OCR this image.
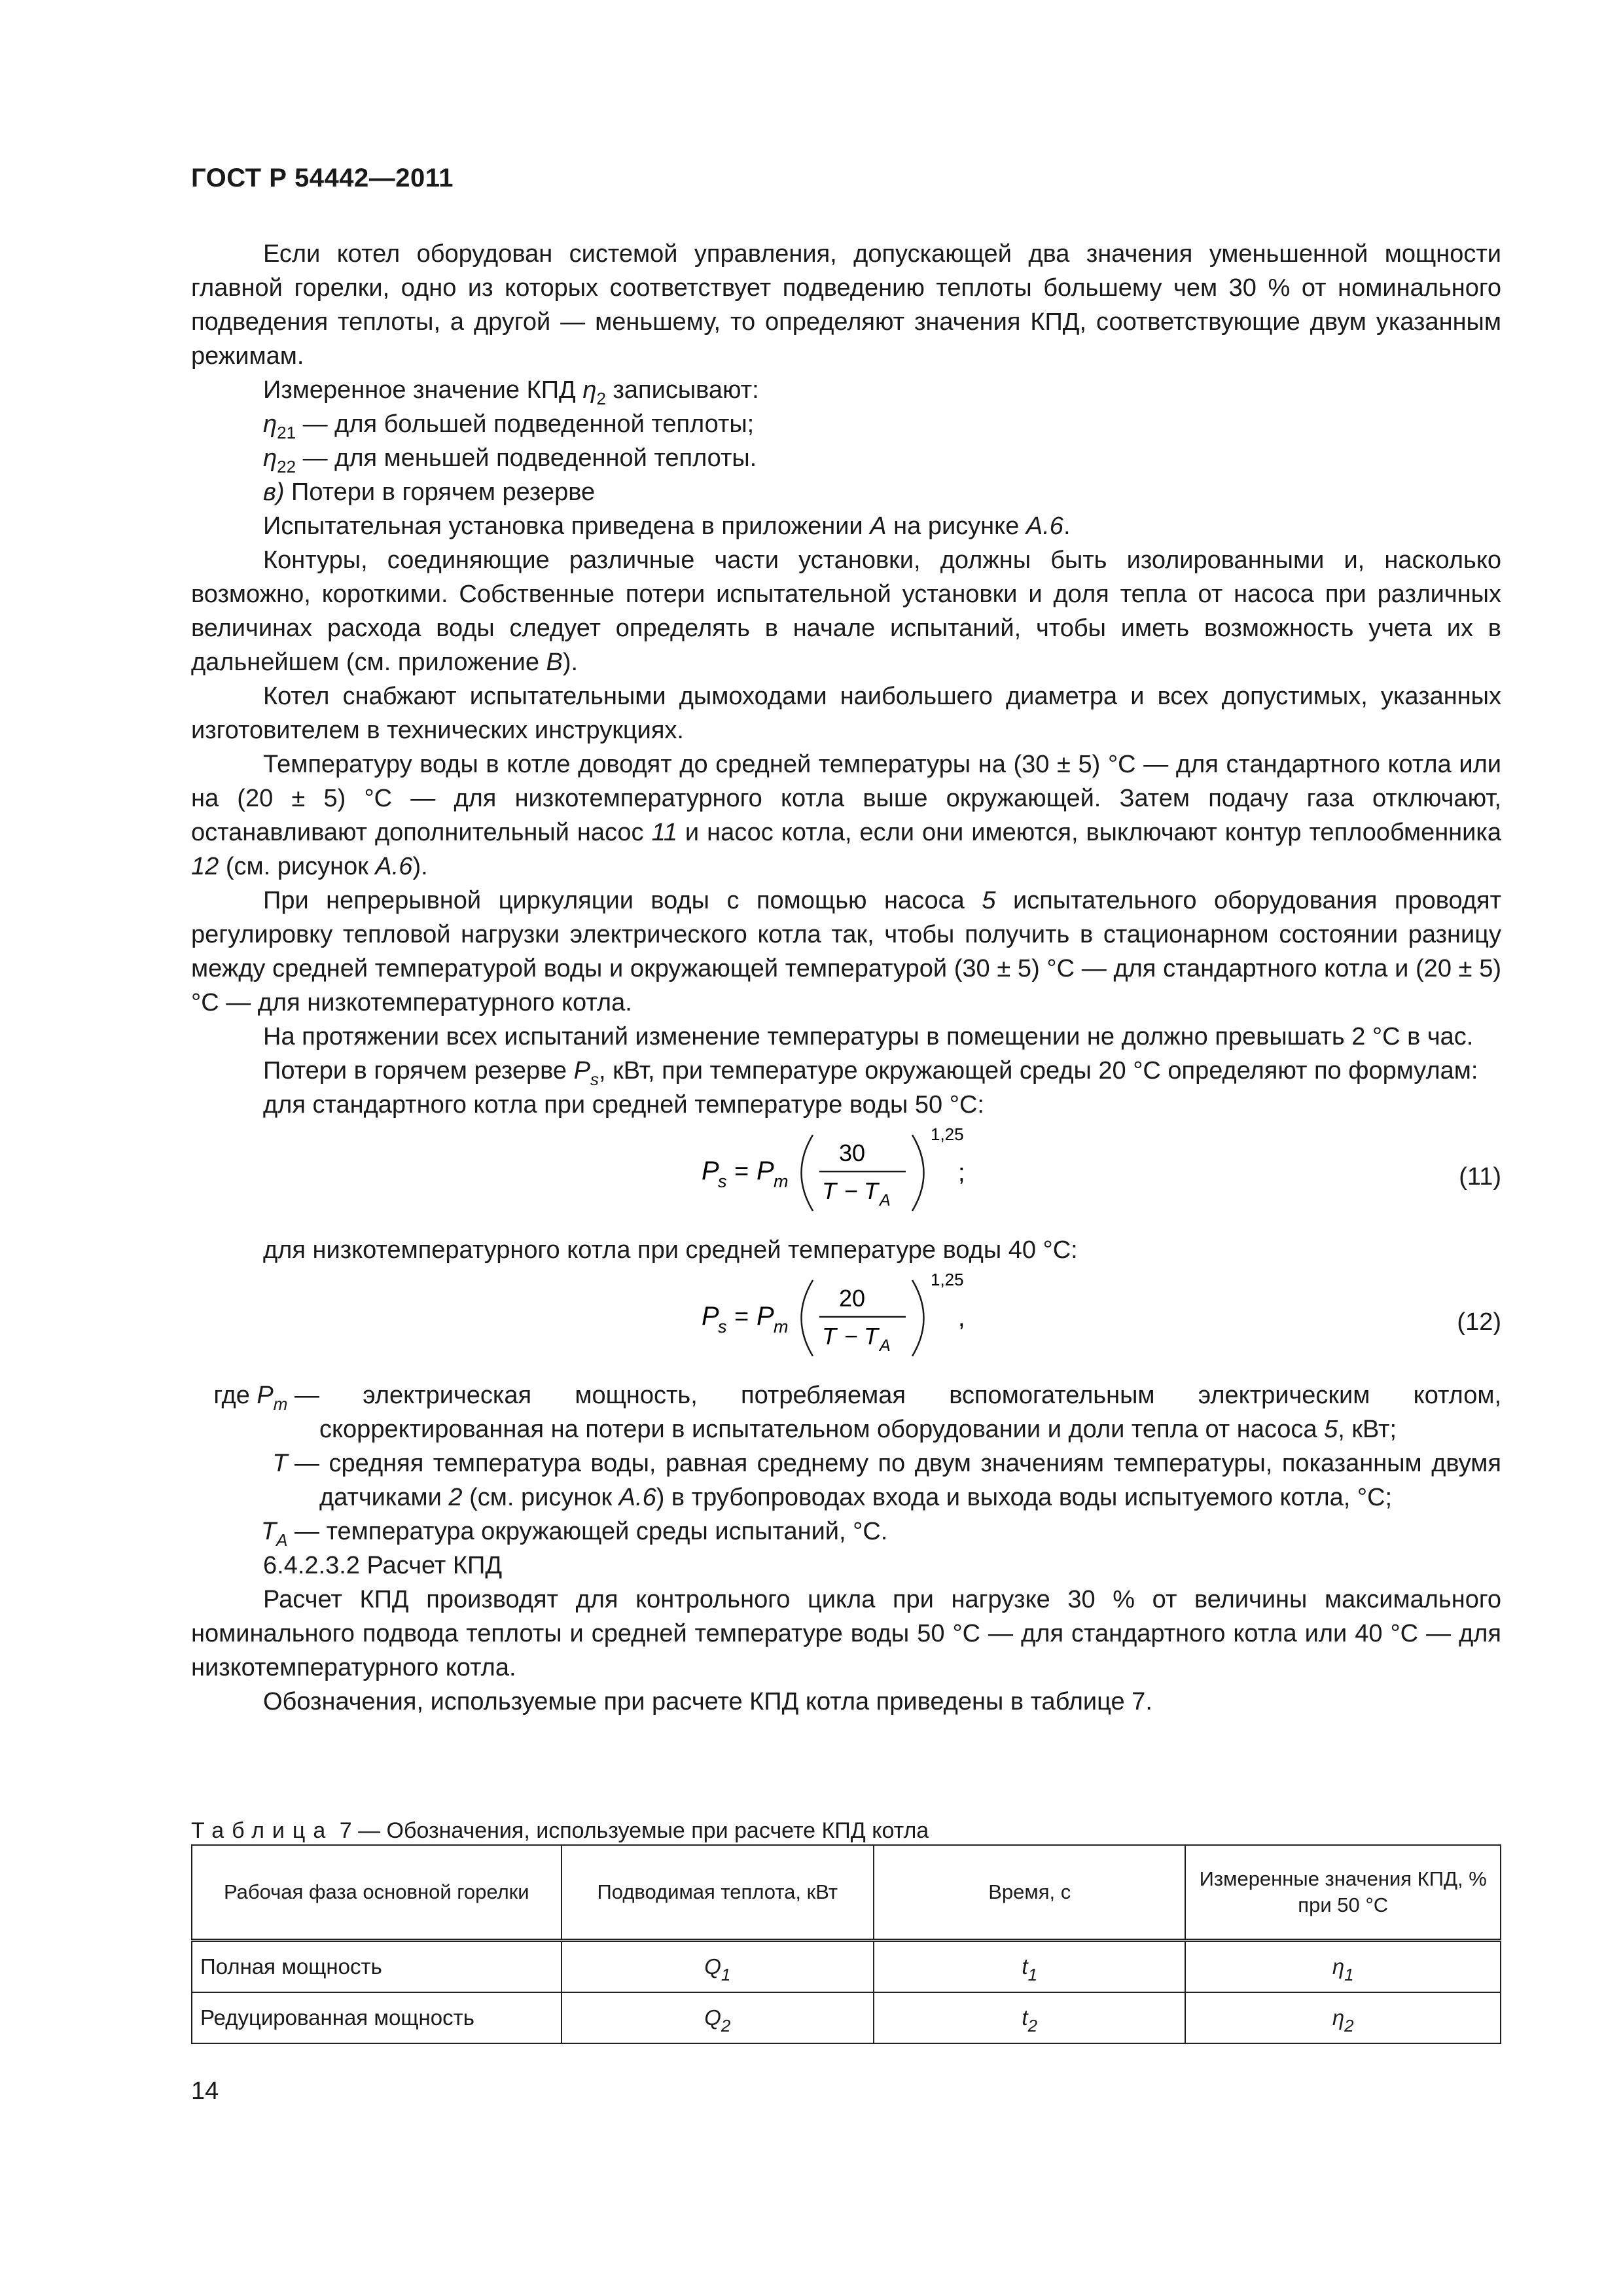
ГОСТ Р 54442—2011

Если котел оборудован системой управления, допускающей два значения уменьшенной мощности главной горелки, одно из которых соответствует подведению теплоты большему чем 30 % от номинального подведения теплоты, а другой — меньшему, то определяют значения КПД, соответствующие двум указанным режимам.

Измеренное значение КПД $\eta_2$ записывают:

$\eta_{21}$ — для большей подведенной теплоты;

$\eta_{22}$ — для меньшей подведенной теплоты.

в) Потери в горячем резерве

Испытательная установка приведена в приложении А на рисунке А.6.

Контуры, соединяющие различные части установки, должны быть изолированными и, насколько возможно, короткими. Собственные потери испытательной установки и доля тепла от насоса при различных величинах расхода воды следует определять в начале испытаний, чтобы иметь возможность учета их в дальнейшем (см. приложение В).

Котел снабжают испытательными дымоходами наибольшего диаметра и всех допустимых, указанных изготовителем в технических инструкциях.

Температуру воды в котле доводят до средней температуры на (30 ± 5) °С — для стандартного котла или на (20 ± 5) °С — для низкотемпературного котла выше окружающей. Затем подачу газа отключают, останавливают дополнительный насос 11 и насос котла, если они имеются, выключают контур теплообменника 12 (см. рисунок А.6).

При непрерывной циркуляции воды с помощью насоса 5 испытательного оборудования проводят регулировку тепловой нагрузки электрического котла так, чтобы получить в стационарном состоянии разницу между средней температурой воды и окружающей температурой (30 ± 5) °С — для стандартного котла и (20 ± 5)°С — для низкотемпературного котла.

На протяжении всех испытаний изменение температуры в помещении не должно превышать 2 °С в час.

Потери в горячем резерве $P_s$, кВт, при температуре окружающей среды 20 °С определяют по формулам:

для стандартного котла при средней температуре воды 50 °С:

P
s = P m
30
T − T A
1,25
;	(11)

для низкотемпературного котла при средней температуре воды 40 °С:

P
s = P m
20
T − T A
1,25
,	(12)
где $P_m$ —	электрическая мощность, потребляемая вспомогательным электрическим котлом, скорректированная на потери в испытательном оборудовании и доли тепла от насоса 5, кВт;

T — средняя температура воды, равная среднему по двум значениям температуры, показанным двумя датчиками 2 (см. рисунок А.6) в трубопроводах входа и выхода воды испытуемого котла, °С;

$T_A$ — температура окружающей среды испытаний, °С.

6.4.2.3.2 Расчет КПД

Расчет КПД производят для контрольного цикла при нагрузке 30 % от величины максимального номинального подвода теплоты и средней температуре воды 50 °С — для стандартного котла или 40 °С — для низкотемпературного котла.

Обозначения, используемые при расчете КПД котла приведены в таблице 7.

Таблица 7 — Обозначения, используемые при расчете КПД котла
Рабочая фаза основной горелки	Подводимая теплота, кВт	Время, с	Измеренные значения КПД, % при 50 °С
Полная мощность	$Q_1$	$t_1$	$\eta_1$
Редуцированная мощность	$Q_2$	$t_2$	$\eta_2$
14
